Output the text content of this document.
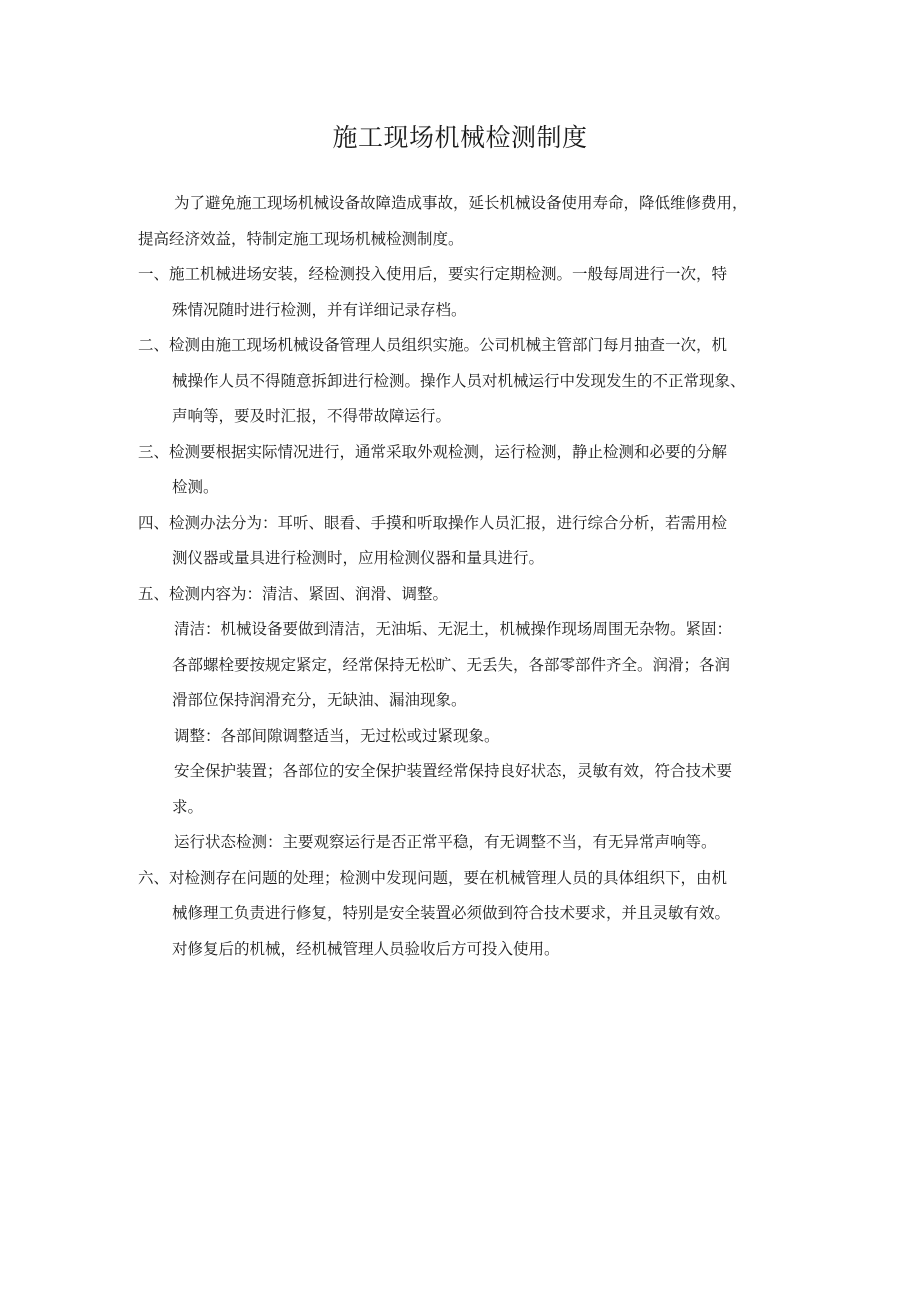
施工现场机械检测制度
为了避免施工现场机械设备故障造成事故，延长机械设备使用寿命，降低维修费用，
提高经济效益，特制定施工现场机械检测制度。
一、施工机械进场安装，经检测投入使用后，要实行定期检测。一般每周进行一次，特
殊情况随时进行检测，并有详细记录存档。
二、检测由施工现场机械设备管理人员组织实施。公司机械主管部门每月抽查一次，机
械操作人员不得随意拆卸进行检测。操作人员对机械运行中发现发生的不正常现象、
声响等，要及时汇报，不得带故障运行。
三、检测要根据实际情况进行，通常采取外观检测，运行检测，静止检测和必要的分解
检测。
四、检测办法分为：耳听、眼看、手摸和听取操作人员汇报，进行综合分析，若需用检
测仪器或量具进行检测时，应用检测仪器和量具进行。
五、检测内容为：清洁、紧固、润滑、调整。
清洁：机械设备要做到清洁，无油垢、无泥土，机械操作现场周围无杂物。紧固：
各部螺栓要按规定紧定，经常保持无松旷、无丢失，各部零部件齐全。润滑；各润
滑部位保持润滑充分，无缺油、漏油现象。
调整：各部间隙调整适当，无过松或过紧现象。
安全保护装置；各部位的安全保护装置经常保持良好状态，灵敏有效，符合技术要
求。
运行状态检测：主要观察运行是否正常平稳，有无调整不当，有无异常声响等。
六、对检测存在问题的处理；检测中发现问题，要在机械管理人员的具体组织下，由机
械修理工负责进行修复，特别是安全装置必须做到符合技术要求，并且灵敏有效。
对修复后的机械，经机械管理人员验收后方可投入使用。
